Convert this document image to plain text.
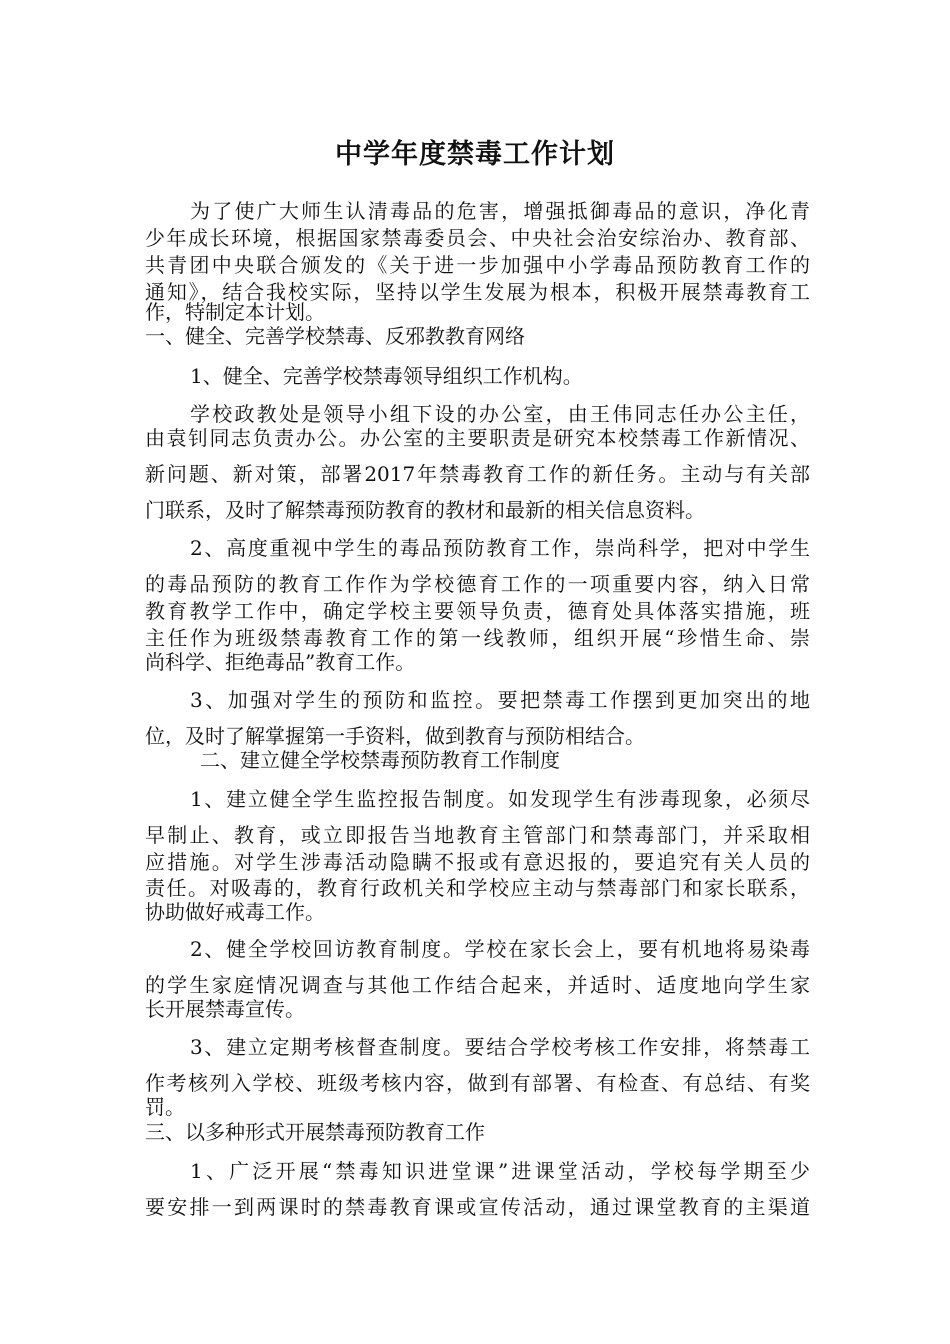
中学年度禁毒工作计划
为了使广大师生认清毒品的危害，增强抵御毒品的意识，净化青
少年成长环境，根据国家禁毒委员会、中央社会治安综治办、教育部、
共青团中央联合颁发的《关于进一步加强中小学毒品预防教育工作的
通知》，结合我校实际，坚持以学生发展为根本，积极开展禁毒教育工
作，特制定本计划。
一、健全、完善学校禁毒、反邪教教育网络
1、健全、完善学校禁毒领导组织工作机构。
学校政教处是领导小组下设的办公室，由王伟同志任办公主任，
由袁钊同志负责办公。办公室的主要职责是研究本校禁毒工作新情况、
新问题、新对策，部署2017年禁毒教育工作的新任务。主动与有关部
门联系，及时了解禁毒预防教育的教材和最新的相关信息资料。
2、高度重视中学生的毒品预防教育工作，崇尚科学，把对中学生
的毒品预防的教育工作作为学校德育工作的一项重要内容，纳入日常
教育教学工作中，确定学校主要领导负责，德育处具体落实措施，班
主任作为班级禁毒教育工作的第一线教师，组织开展“珍惜生命、崇
尚科学、拒绝毒品”教育工作。
3、加强对学生的预防和监控。要把禁毒工作摆到更加突出的地
位，及时了解掌握第一手资料，做到教育与预防相结合。
二、建立健全学校禁毒预防教育工作制度
1、建立健全学生监控报告制度。如发现学生有涉毒现象，必须尽
早制止、教育，或立即报告当地教育主管部门和禁毒部门，并采取相
应措施。对学生涉毒活动隐瞒不报或有意迟报的，要追究有关人员的
责任。对吸毒的，教育行政机关和学校应主动与禁毒部门和家长联系，
协助做好戒毒工作。
2、健全学校回访教育制度。学校在家长会上，要有机地将易染毒
的学生家庭情况调查与其他工作结合起来，并适时、适度地向学生家
长开展禁毒宣传。
3、建立定期考核督查制度。要结合学校考核工作安排，将禁毒工
作考核列入学校、班级考核内容，做到有部署、有检查、有总结、有奖
罚。
三、以多种形式开展禁毒预防教育工作
1、广泛开展“禁毒知识进堂课”进课堂活动，学校每学期至少
要安排一到两课时的禁毒教育课或宣传活动，通过课堂教育的主渠道
